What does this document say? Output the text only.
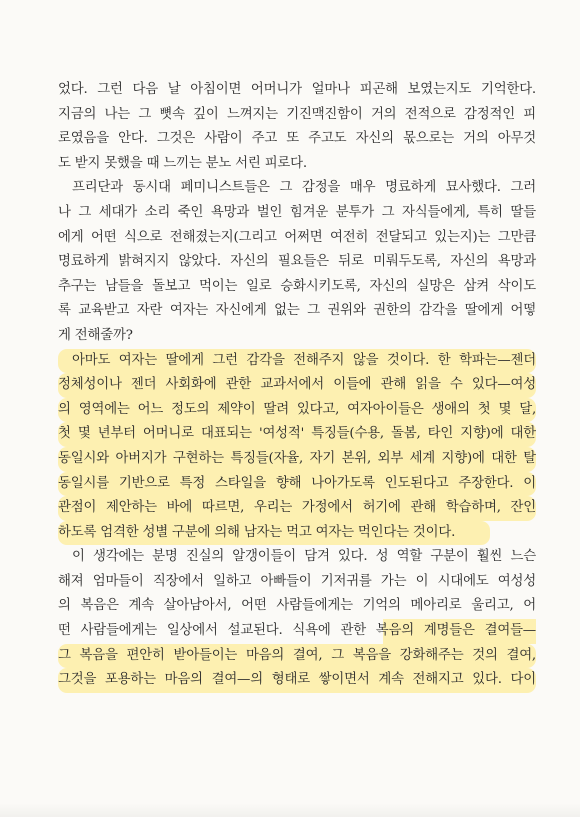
었다. 그런 다음 날 아침이면 어머니가 얼마나 피곤해 보였는지도 기억한다.
지금의 나는 그 뼛속 깊이 느껴지는 기진맥진함이 거의 전적으로 감정적인 피
로였음을 안다. 그것은 사람이 주고 또 주고도 자신의 몫으로는 거의 아무것
도 받지 못했을 때 느끼는 분노 서린 피로다.
프리단과 동시대 페미니스트들은 그 감정을 매우 명료하게 묘사했다. 그러
나 그 세대가 소리 죽인 욕망과 벌인 힘겨운 분투가 그 자식들에게, 특히 딸들
에게 어떤 식으로 전해졌는지(그리고 어쩌면 여전히 전달되고 있는지)는 그만큼
명료하게 밝혀지지 않았다. 자신의 필요들은 뒤로 미뤄두도록, 자신의 욕망과
추구는 남들을 돌보고 먹이는 일로 승화시키도록, 자신의 실망은 삼켜 삭이도
록 교육받고 자란 여자는 자신에게 없는 그 권위와 권한의 감각을 딸에게 어떻
게 전해줄까?
아마도 여자는 딸에게 그런 감각을 전해주지 않을 것이다. 한 학파는—젠더
정체성이나 젠더 사회화에 관한 교과서에서 이들에 관해 읽을 수 있다—여성
의 영역에는 어느 정도의 제약이 딸려 있다고, 여자아이들은 생애의 첫 몇 달,
첫 몇 년부터 어머니로 대표되는 '여성적' 특징들(수용, 돌봄, 타인 지향)에 대한
동일시와 아버지가 구현하는 특징들(자율, 자기 본위, 외부 세계 지향)에 대한 탈
동일시를 기반으로 특정 스타일을 향해 나아가도록 인도된다고 주장한다. 이
관점이 제안하는 바에 따르면, 우리는 가정에서 허기에 관해 학습하며, 잔인
하도록 엄격한 성별 구분에 의해 남자는 먹고 여자는 먹인다는 것이다.
이 생각에는 분명 진실의 알갱이들이 담겨 있다. 성 역할 구분이 훨씬 느슨
해져 엄마들이 직장에서 일하고 아빠들이 기저귀를 가는 이 시대에도 여성성
의 복음은 계속 살아남아서, 어떤 사람들에게는 기억의 메아리로 울리고, 어
떤 사람들에게는 일상에서 설교된다. 식욕에 관한 복음의 계명들은 결여들—
그 복음을 편안히 받아들이는 마음의 결여, 그 복음을 강화해주는 것의 결여,
그것을 포용하는 마음의 결여—의 형태로 쌓이면서 계속 전해지고 있다. 다이
